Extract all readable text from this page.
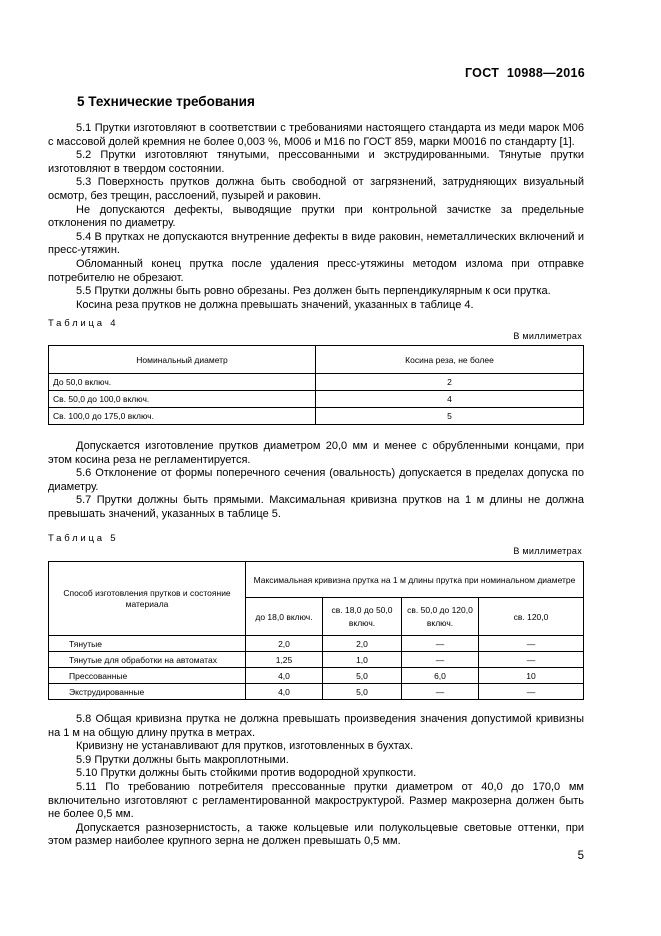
ГОСТ 10988—2016
5 Технические требования

5.1 Прутки изготовляют в соответствии с требованиями настоящего стандарта из меди марок М06 с массовой долей кремния не более 0,003 %, М006 и М16 по ГОСТ 859, марки М0016 по стандарту [1].

5.2 Прутки изготовляют тянутыми, прессованными и экструдированными. Тянутые прутки изготовляют в твердом состоянии.

5.3 Поверхность прутков должна быть свободной от загрязнений, затрудняющих визуальный осмотр, без трещин, расслоений, пузырей и раковин.

Не допускаются дефекты, выводящие прутки при контрольной зачистке за предельные отклонения по диаметру.

5.4 В прутках не допускаются внутренние дефекты в виде раковин, неметаллических включений и пресс-утяжин.

Обломанный конец прутка после удаления пресс-утяжины методом излома при отправке потребителю не обрезают.

5.5 Прутки должны быть ровно обрезаны. Рез должен быть перпендикулярным к оси прутка.

Косина реза прутков не должна превышать значений, указанных в таблице 4.

Таблица 4
В миллиметрах
Номинальный диаметр	Косина реза, не более
До 50,0 включ.	2
Св. 50,0 до 100,0 включ.	4
Св. 100,0 до 175,0 включ.	5

Допускается изготовление прутков диаметром 20,0 мм и менее с обрубленными концами, при этом косина реза не регламентируется.

5.6 Отклонение от формы поперечного сечения (овальность) допускается в пределах допуска по диаметру.

5.7 Прутки должны быть прямыми. Максимальная кривизна прутков на 1 м длины не должна превышать значений, указанных в таблице 5.

Таблица 5
В миллиметрах
Способ изготовления прутков и состояние материала	Максимальная кривизна прутка на 1 м длины прутка при номинальном диаметре			
	до 18,0 включ.	св. 18,0 до 50,0 включ.	св. 50,0 до 120,0 включ.	св. 120,0
Тянутые	2,0	2,0	—	—
Тянутые для обработки на автоматах	1,25	1,0	—	—
Прессованные	4,0	5,0	6,0	10
Экструдированные	4,0	5,0	—	—

5.8 Общая кривизна прутка не должна превышать произведения значения допустимой кривизны на 1 м на общую длину прутка в метрах.

Кривизну не устанавливают для прутков, изготовленных в бухтах.

5.9 Прутки должны быть макроплотными.

5.10 Прутки должны быть стойкими против водородной хрупкости.

5.11 По требованию потребителя прессованные прутки диаметром от 40,0 до 170,0 мм включительно изготовляют с регламентированной макроструктурой. Размер макрозерна должен быть не более 0,5 мм.

Допускается разнозернистость, а также кольцевые или полукольцевые световые оттенки, при этом размер наиболее крупного зерна не должен превышать 0,5 мм.

5
